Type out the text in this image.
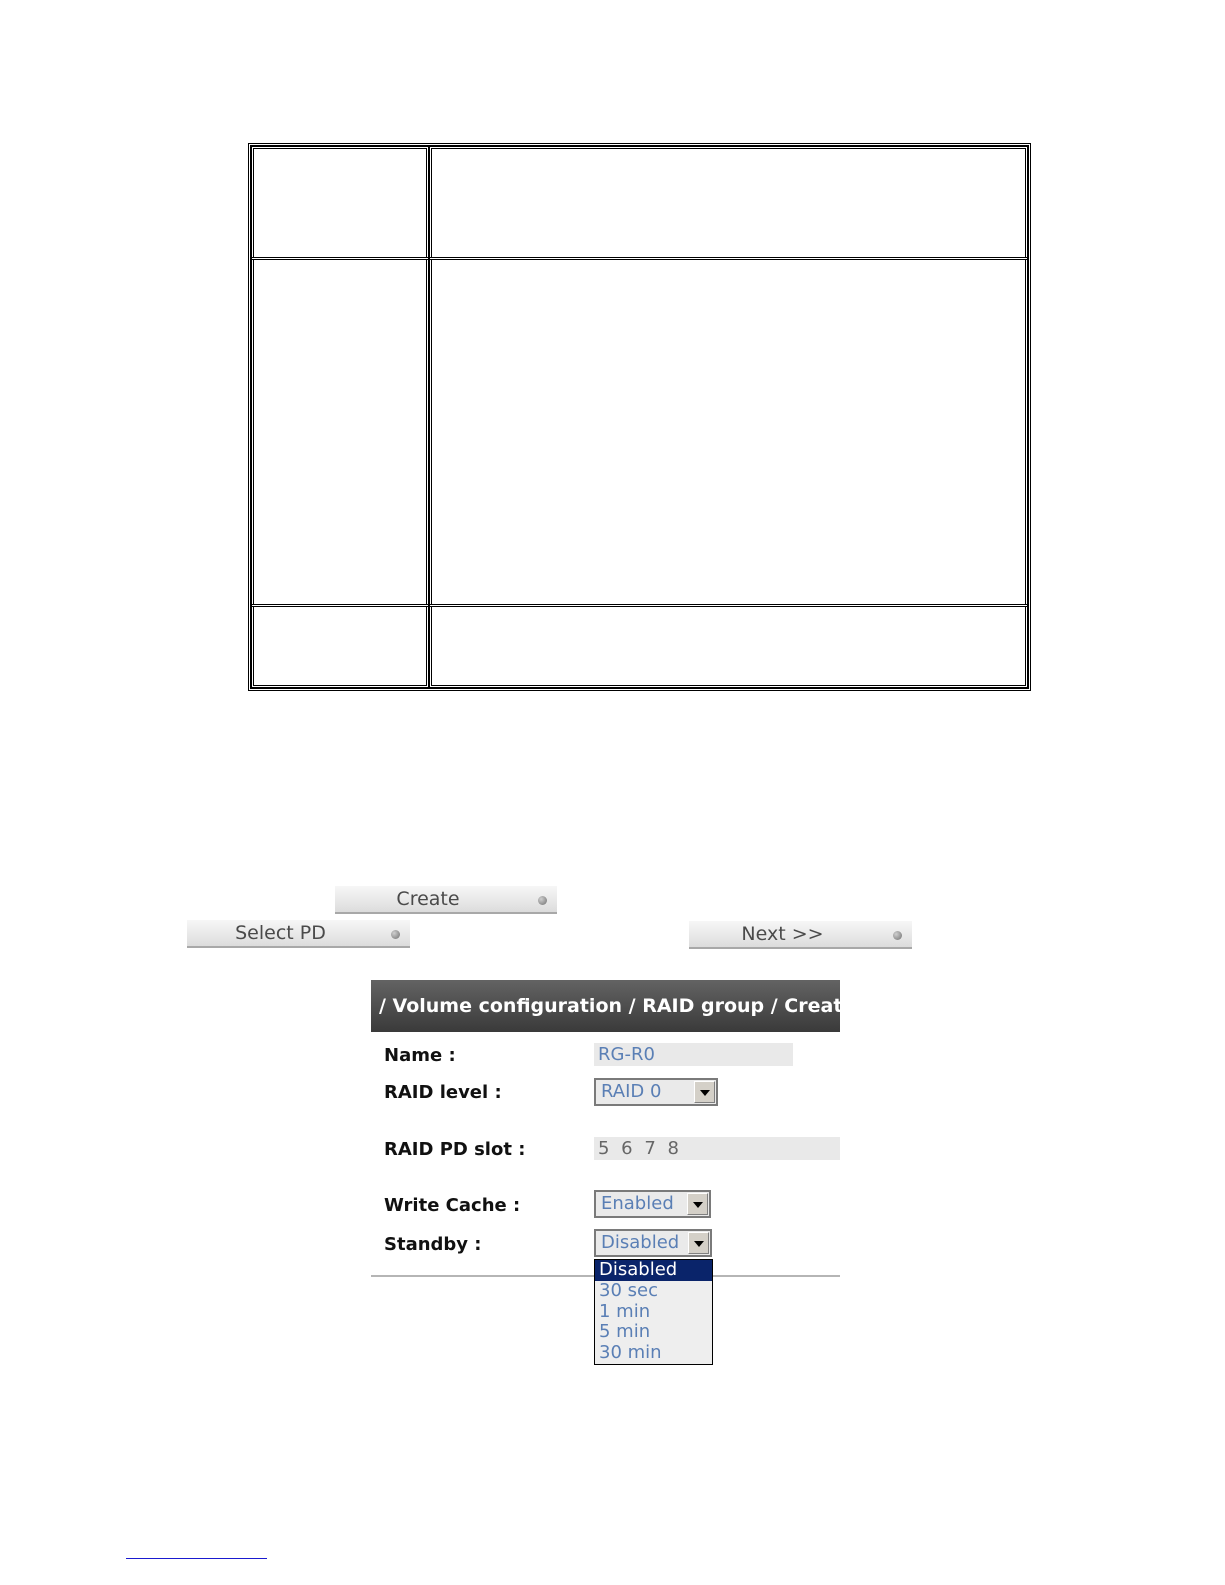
Create
Select PD	Next >>
/ Volume configuration / RAID group / Create
Name :	RG-R0
RAID level :	RAID 0
RAID PD slot :	5 6 7 8
Write Cache :	Enabled
Standby :	Disabled
Disabled
30 sec
1 min
5 min
30 min
